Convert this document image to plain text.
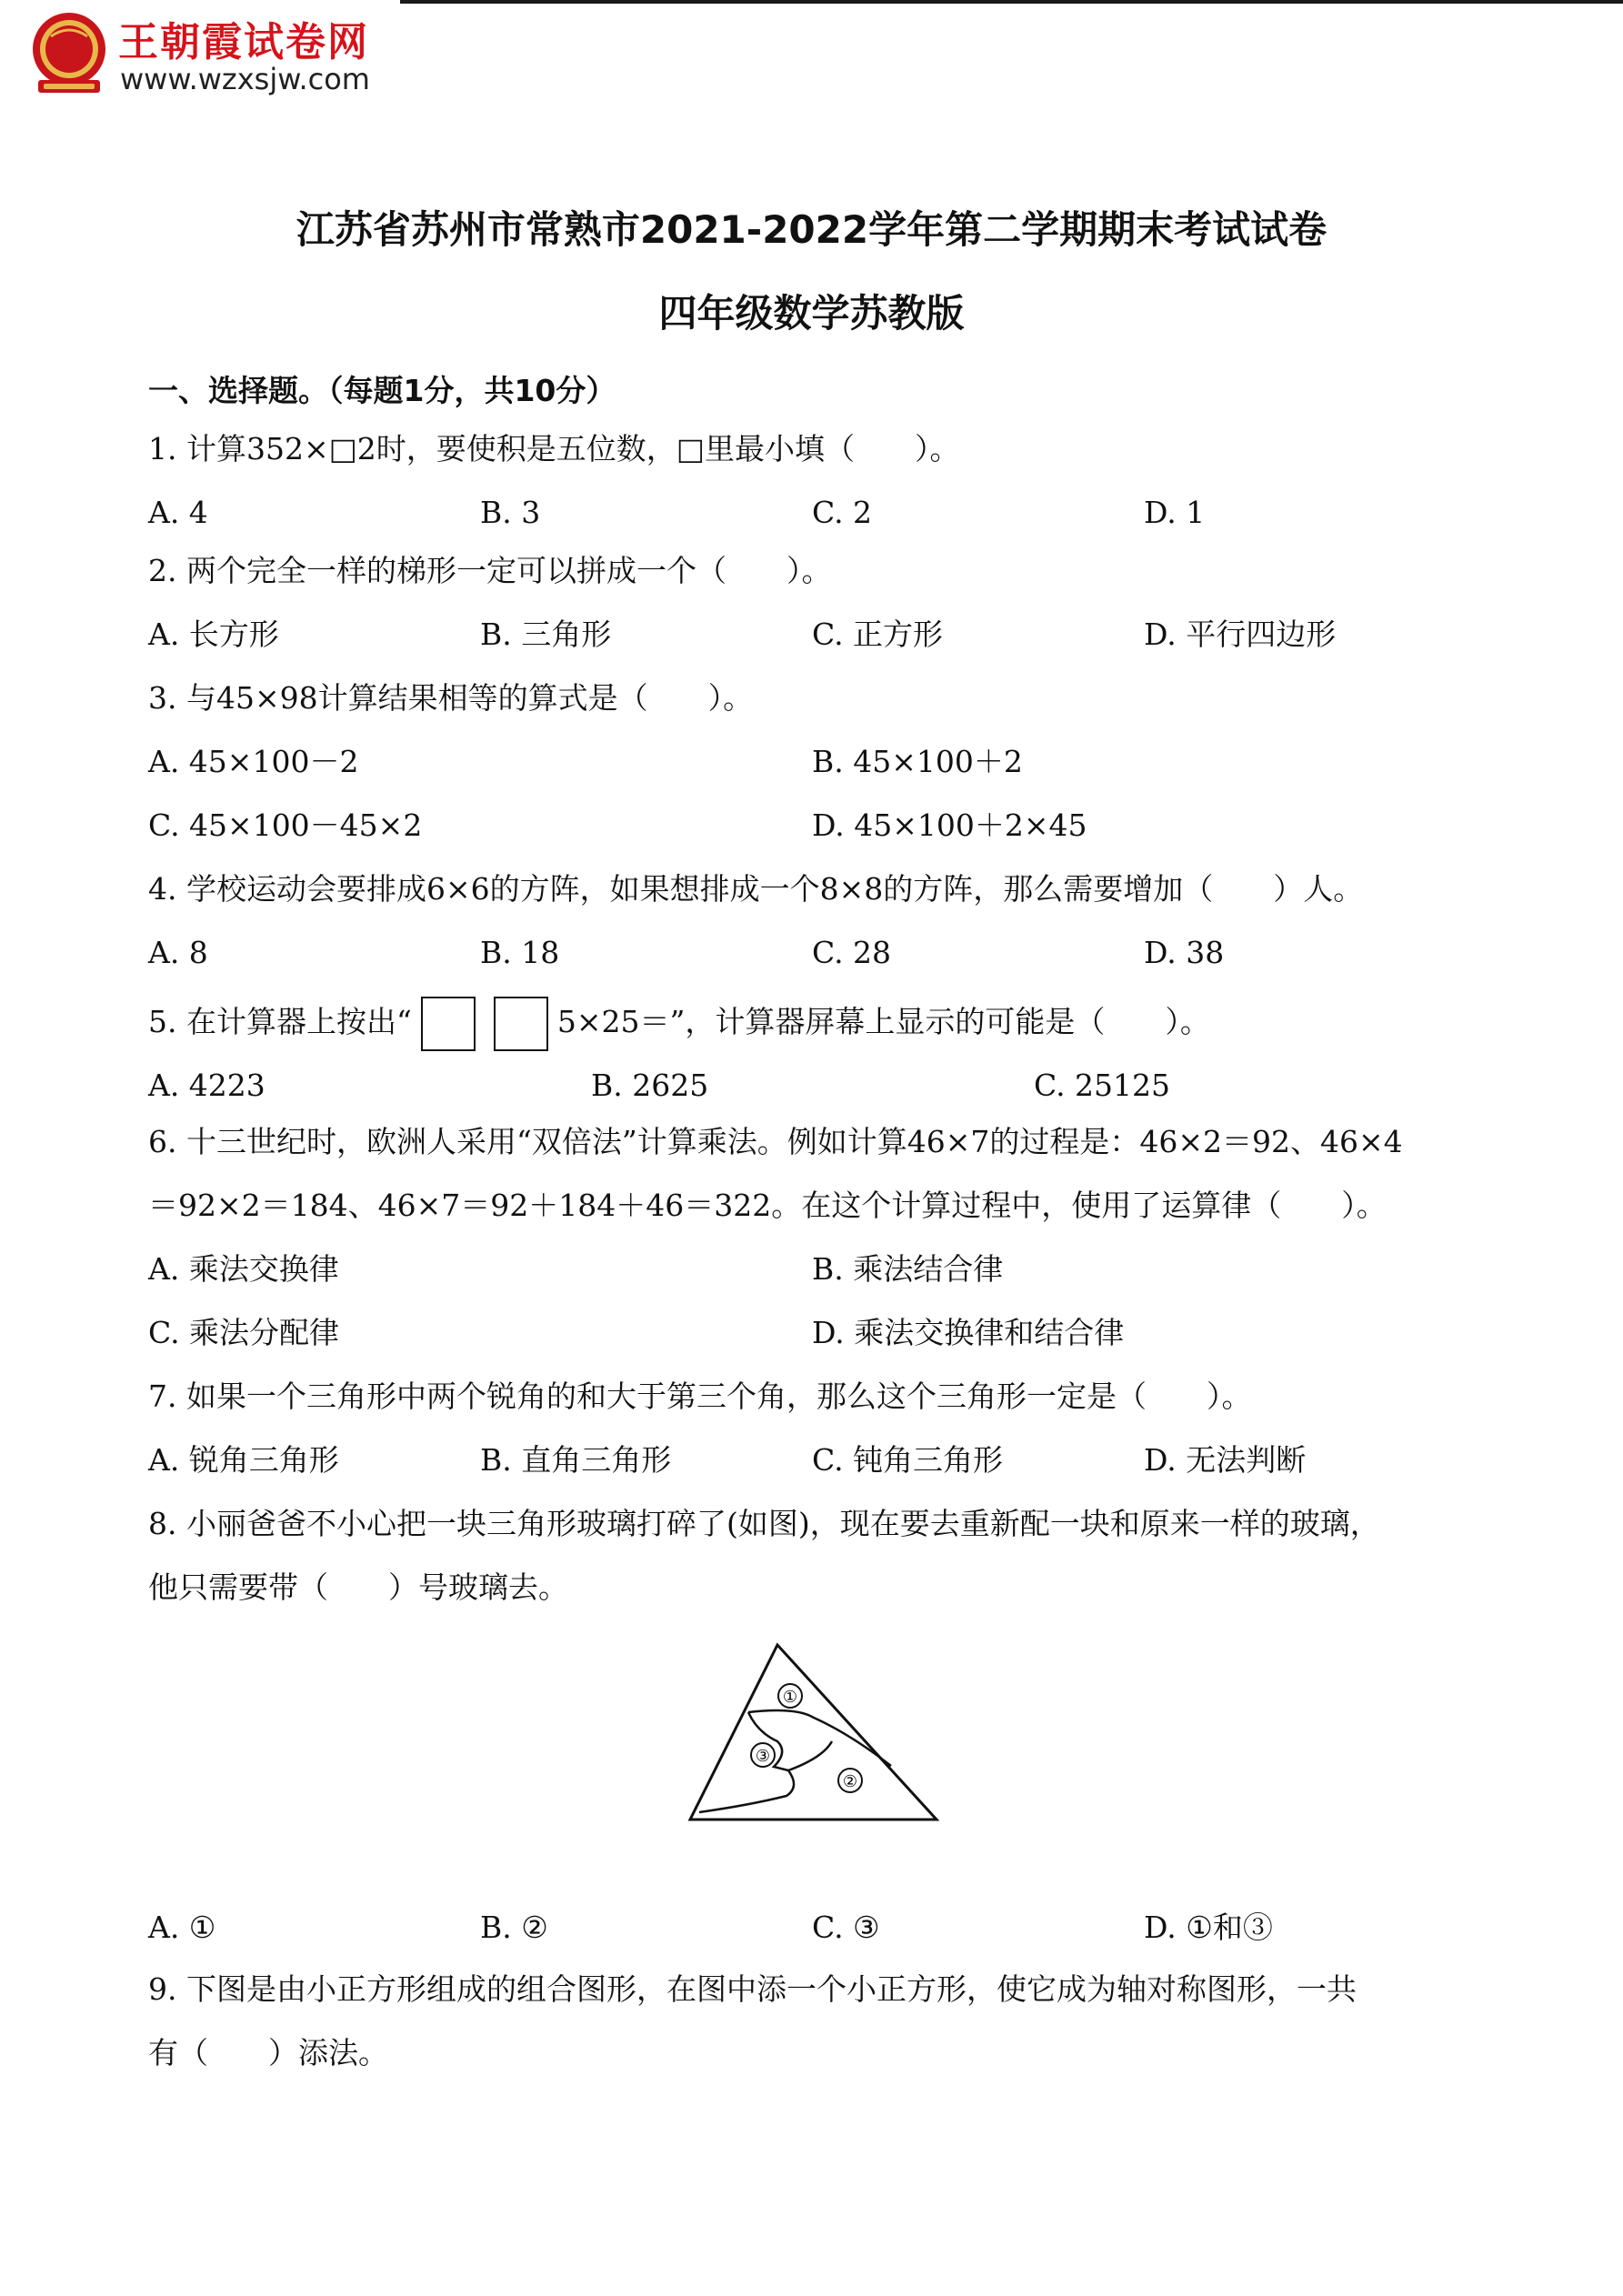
王朝霞试卷网
www.wzxsjw.com
江苏省苏州市常熟市2021-2022学年第二学期期末考试试卷
四年级数学苏教版
一、选择题。（每题1分，共10分）
1. 计算352×□2时，要使积是五位数，□里最小填（　　）。
A. 4	B. 3	C. 2	D. 1
2. 两个完全一样的梯形一定可以拼成一个（　　）。
A. 长方形	B. 三角形	C. 正方形	D. 平行四边形
3. 与45×98计算结果相等的算式是（　　）。
A. 45×100－2	B. 45×100＋2
C. 45×100－45×2	D. 45×100＋2×45
4. 学校运动会要排成6×6的方阵，如果想排成一个8×8的方阵，那么需要增加（　　）人。
A. 8	B. 18	C. 28	D. 38
5. 在计算器上按出“	5×25＝”，计算器屏幕上显示的可能是（　　）。
A. 4223	B. 2625	C. 25125
6. 十三世纪时，欧洲人采用“双倍法”计算乘法。例如计算46×7的过程是：46×2＝92、46×4
＝92×2＝184、46×7＝92＋184＋46＝322。在这个计算过程中，使用了运算律（　　）。
A. 乘法交换律	B. 乘法结合律
C. 乘法分配律	D. 乘法交换律和结合律
7. 如果一个三角形中两个锐角的和大于第三个角，那么这个三角形一定是（　　）。
A. 锐角三角形	B. 直角三角形	C. 钝角三角形	D. 无法判断
8. 小丽爸爸不小心把一块三角形玻璃打碎了(如图)，现在要去重新配一块和原来一样的玻璃，
他只需要带（　　）号玻璃去。
①
②
③
A. ①	B. ②	C. ③	D. ①和③
9. 下图是由小正方形组成的组合图形，在图中添一个小正方形，使它成为轴对称图形，一共
有（　　）添法。
